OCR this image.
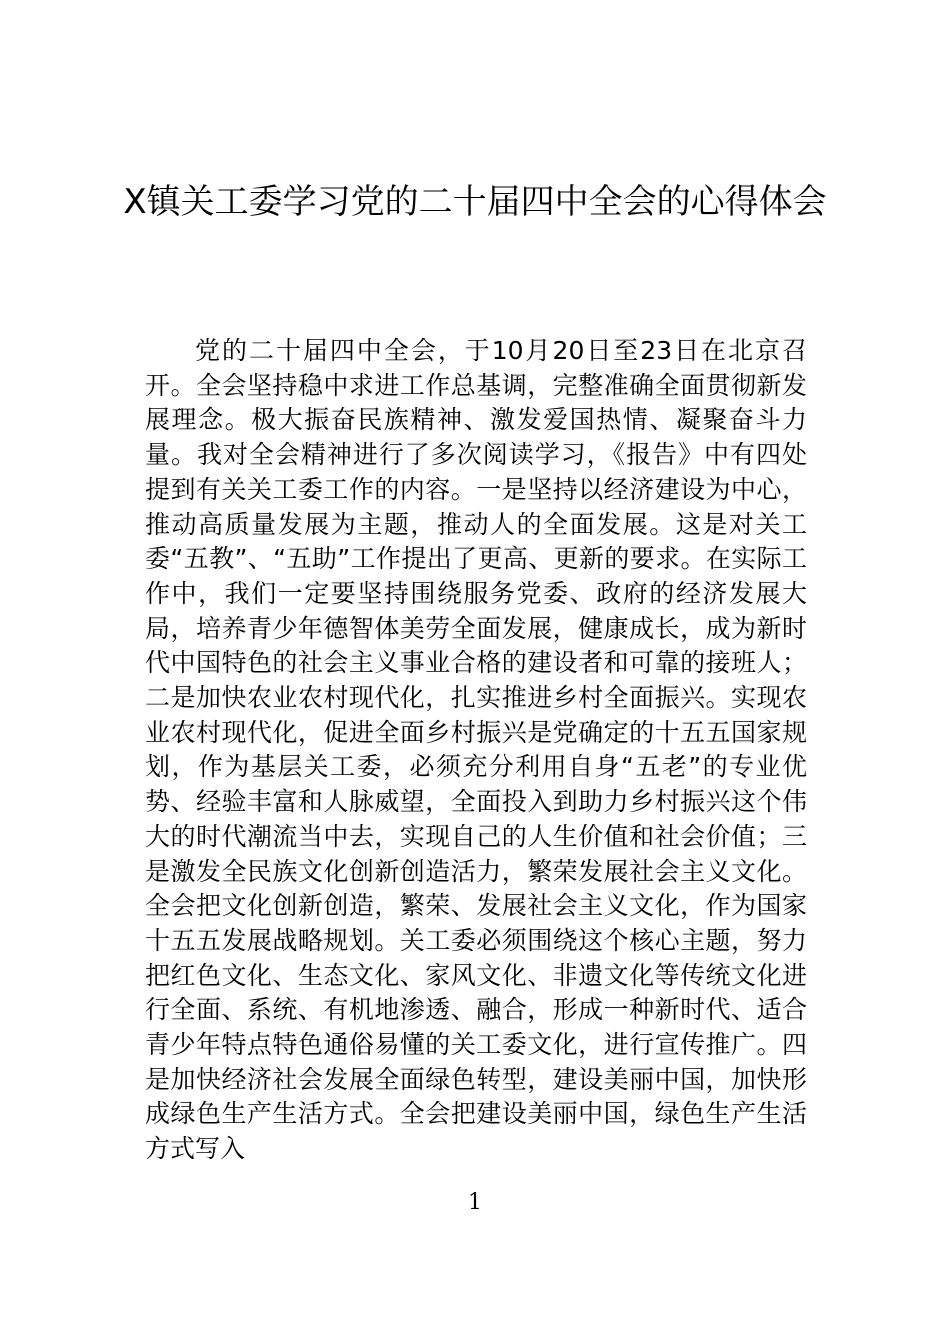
X镇关工委学习党的二十届四中全会的心得体会

党的二十届四中全会，于10月20日至23日在北京召开。全会坚持稳中求进工作总基调，完整准确全面贯彻新发展理念。极大振奋民族精神、激发爱国热情、凝聚奋斗力量。我对全会精神进行了多次阅读学习，《报告》中有四处提到有关关工委工作的内容。一是坚持以经济建设为中心，推动高质量发展为主题，推动人的全面发展。这是对关工委“五教”、“五助”工作提出了更高、更新的要求。在实际工作中，我们一定要坚持围绕服务党委、政府的经济发展大局，培养青少年德智体美劳全面发展，健康成长，成为新时代中国特色的社会主义事业合格的建设者和可靠的接班人；二是加快农业农村现代化，扎实推进乡村全面振兴。实现农业农村现代化，促进全面乡村振兴是党确定的十五五国家规划，作为基层关工委，必须充分利用自身“五老”的专业优势、经验丰富和人脉威望，全面投入到助力乡村振兴这个伟大的时代潮流当中去，实现自己的人生价值和社会价值；三是激发全民族文化创新创造活力，繁荣发展社会主义文化。全会把文化创新创造，繁荣、发展社会主义文化，作为国家十五五发展战略规划。关工委必须围绕这个核心主题，努力把红色文化、生态文化、家风文化、非遗文化等传统文化进行全面、系统、有机地渗透、融合，形成一种新时代、适合青少年特点特色通俗易懂的关工委文化，进行宣传推广。四是加快经济社会发展全面绿色转型，建设美丽中国，加快形成绿色生产生活方式。全会把建设美丽中国，绿色生产生活方式写入

1
